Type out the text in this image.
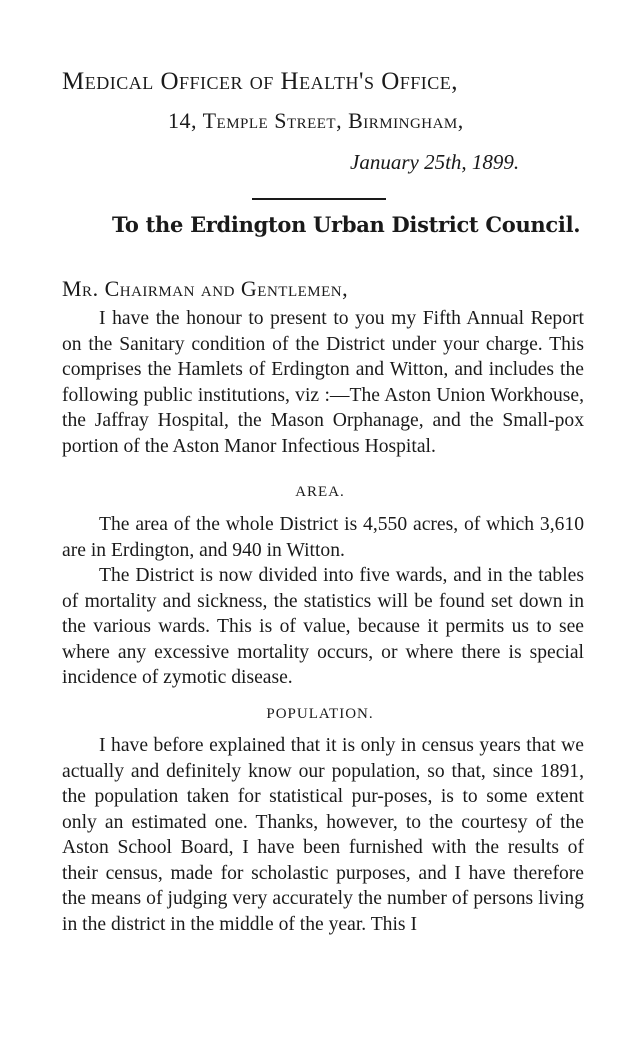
Medical Officer of Health's Office,
14, Temple Street, Birmingham,
January 25th, 1899.
To the Erdington Urban District Council.
Mr. Chairman and Gentlemen,

I have the honour to present to you my Fifth Annual Report on the Sanitary condition of the District under your charge. This comprises the Hamlets of Erdington and Witton, and includes the following public institutions, viz :—The Aston Union Workhouse, the Jaffray Hospital, the Mason Orphanage, and the Small-pox portion of the Aston Manor Infectious Hospital.

AREA.

The area of the whole District is 4,550 acres, of which 3,610 are in Erdington, and 940 in Witton.

The District is now divided into five wards, and in the tables of mortality and sickness, the statistics will be found set down in the various wards. This is of value, because it permits us to see where any excessive mortality occurs, or where there is special incidence of zymotic disease.

POPULATION.

I have before explained that it is only in census years that we actually and definitely know our population, so that, since 1891, the population taken for statistical pur-poses, is to some extent only an estimated one. Thanks, however, to the courtesy of the Aston School Board, I have been furnished with the results of their census, made for scholastic purposes, and I have therefore the means of judging very accurately the number of persons living in the district in the middle of the year. This I
